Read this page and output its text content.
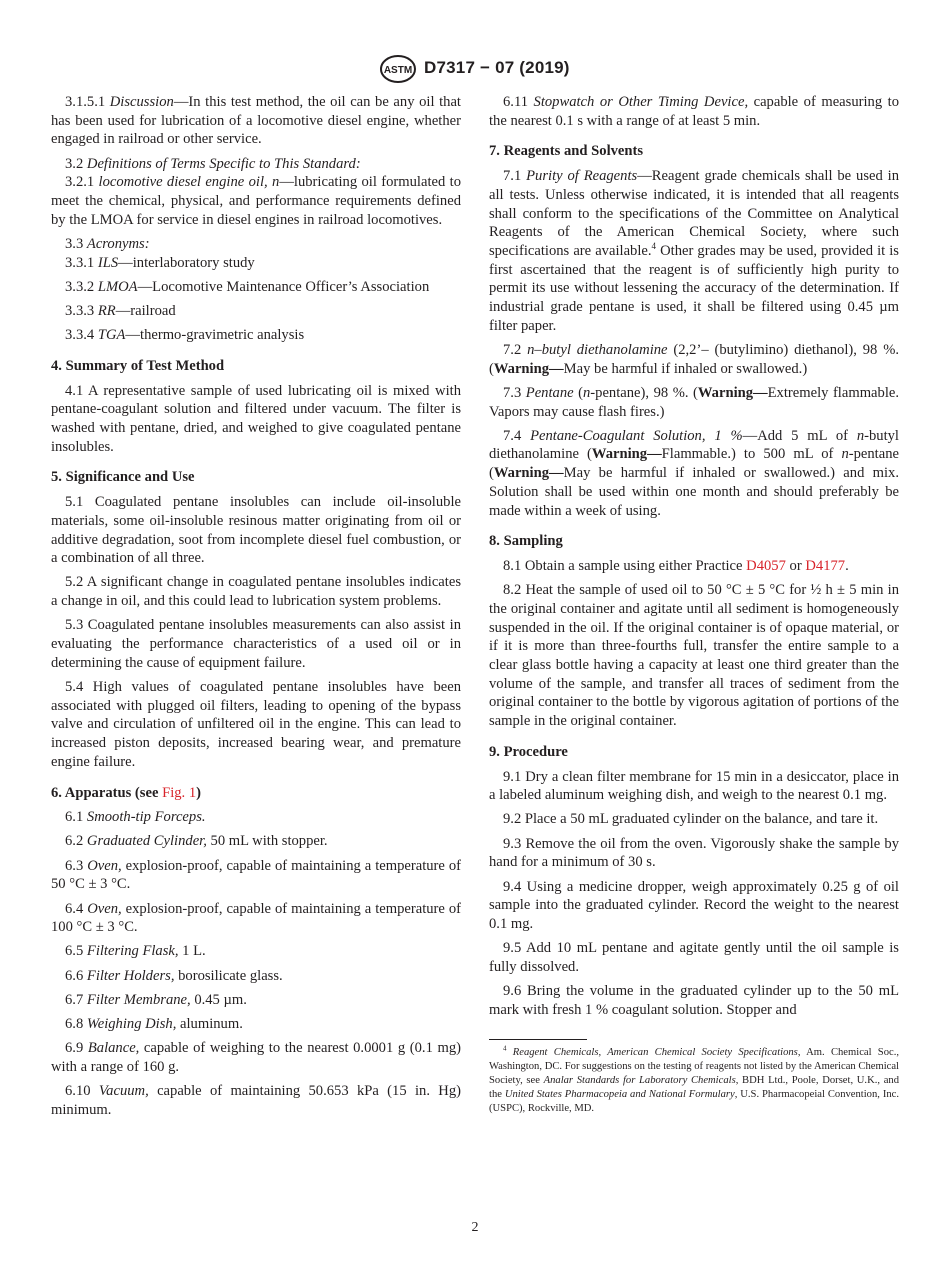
ASTM D7317 − 07 (2019)

3.1.5.1 Discussion—In this test method, the oil can be any oil that has been used for lubrication of a locomotive diesel engine, whether engaged in railroad or other service.

3.2 Definitions of Terms Specific to This Standard:

3.2.1 locomotive diesel engine oil, n—lubricating oil formulated to meet the chemical, physical, and performance requirements defined by the LMOA for service in diesel engines in railroad locomotives.

3.3 Acronyms:

3.3.1 ILS—interlaboratory study

3.3.2 LMOA—Locomotive Maintenance Officer’s Association

3.3.3 RR—railroad

3.3.4 TGA—thermo-gravimetric analysis

4. Summary of Test Method

4.1 A representative sample of used lubricating oil is mixed with pentane-coagulant solution and filtered under vacuum. The filter is washed with pentane, dried, and weighed to give coagulated pentane insolubles.

5. Significance and Use

5.1 Coagulated pentane insolubles can include oil-insoluble materials, some oil-insoluble resinous matter originating from oil or additive degradation, soot from incomplete diesel fuel combustion, or a combination of all three.

5.2 A significant change in coagulated pentane insolubles indicates a change in oil, and this could lead to lubrication system problems.

5.3 Coagulated pentane insolubles measurements can also assist in evaluating the performance characteristics of a used oil or in determining the cause of equipment failure.

5.4 High values of coagulated pentane insolubles have been associated with plugged oil filters, leading to opening of the bypass valve and circulation of unfiltered oil in the engine. This can lead to increased piston deposits, increased bearing wear, and premature engine failure.

6. Apparatus (see Fig. 1)

6.1 Smooth-tip Forceps.

6.2 Graduated Cylinder, 50 mL with stopper.

6.3 Oven, explosion-proof, capable of maintaining a temperature of 50 °C ± 3 °C.

6.4 Oven, explosion-proof, capable of maintaining a temperature of 100 °C ± 3 °C.

6.5 Filtering Flask, 1 L.

6.6 Filter Holders, borosilicate glass.

6.7 Filter Membrane, 0.45 µm.

6.8 Weighing Dish, aluminum.

6.9 Balance, capable of weighing to the nearest 0.0001 g (0.1 mg) with a range of 160 g.

6.10 Vacuum, capable of maintaining 50.653 kPa (15 in. Hg) minimum.

6.11 Stopwatch or Other Timing Device, capable of measuring to the nearest 0.1 s with a range of at least 5 min.

7. Reagents and Solvents

7.1 Purity of Reagents—Reagent grade chemicals shall be used in all tests. Unless otherwise indicated, it is intended that all reagents shall conform to the specifications of the Committee on Analytical Reagents of the American Chemical Society, where such specifications are available.$^4$ Other grades may be used, provided it is first ascertained that the reagent is of sufficiently high purity to permit its use without lessening the accuracy of the determination. If industrial grade pentane is used, it shall be filtered using 0.45 µm filter paper.

7.2 n–butyl diethanolamine (2,2’– (butylimino) diethanol), 98 %. (Warning—May be harmful if inhaled or swallowed.)

7.3 Pentane (n-pentane), 98 %. (Warning—Extremely flammable. Vapors may cause flash fires.)

7.4 Pentane-Coagulant Solution, 1 %—Add 5 mL of n-butyl diethanolamine (Warning—Flammable.) to 500 mL of n-pentane (Warning—May be harmful if inhaled or swallowed.) and mix. Solution shall be used within one month and should preferably be made within a week of using.

8. Sampling

8.1 Obtain a sample using either Practice D4057 or D4177.

8.2 Heat the sample of used oil to 50 °C ± 5 °C for ½ h ± 5 min in the original container and agitate until all sediment is homogeneously suspended in the oil. If the original container is of opaque material, or if it is more than three-fourths full, transfer the entire sample to a clear glass bottle having a capacity at least one third greater than the volume of the sample, and transfer all traces of sediment from the original container to the bottle by vigorous agitation of portions of the sample in the original container.

9. Procedure

9.1 Dry a clean filter membrane for 15 min in a desiccator, place in a labeled aluminum weighing dish, and weigh to the nearest 0.1 mg.

9.2 Place a 50 mL graduated cylinder on the balance, and tare it.

9.3 Remove the oil from the oven. Vigorously shake the sample by hand for a minimum of 30 s.

9.4 Using a medicine dropper, weigh approximately 0.25 g of oil sample into the graduated cylinder. Record the weight to the nearest 0.1 mg.

9.5 Add 10 mL pentane and agitate gently until the oil sample is fully dissolved.

9.6 Bring the volume in the graduated cylinder up to the 50 mL mark with fresh 1 % coagulant solution. Stopper and

$^4$ Reagent Chemicals, American Chemical Society Specifications, Am. Chemical Soc., Washington, DC. For suggestions on the testing of reagents not listed by the American Chemical Society, see Analar Standards for Laboratory Chemicals, BDH Ltd., Poole, Dorset, U.K., and the United States Pharmacopeia and National Formulary, U.S. Pharmacopeial Convention, Inc. (USPC), Rockville, MD.

2
